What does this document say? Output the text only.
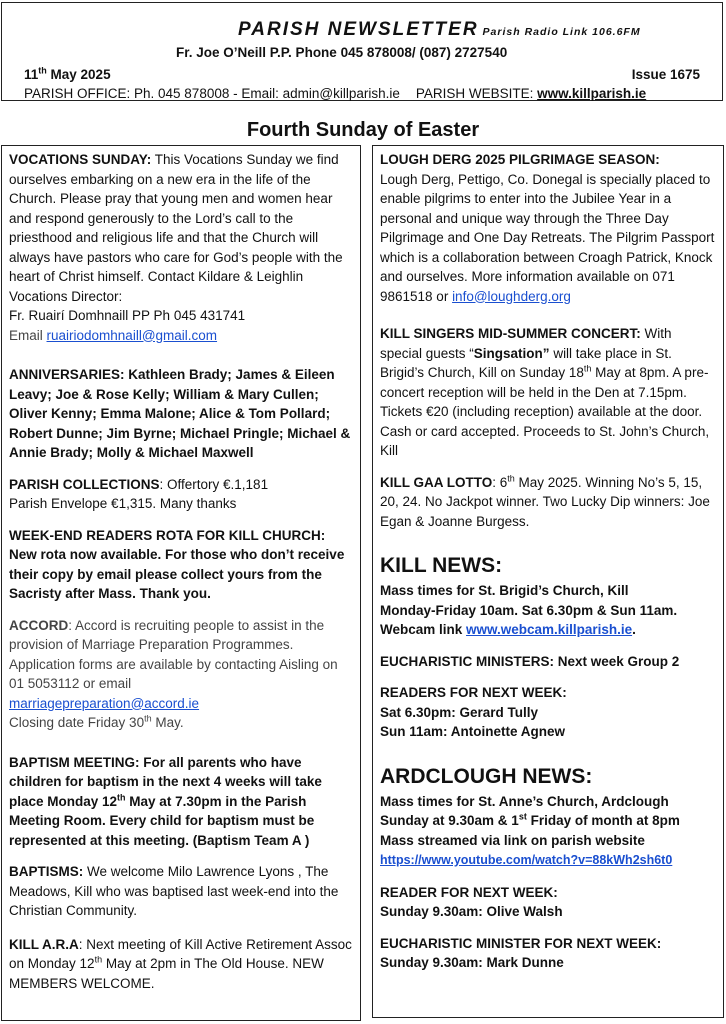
PARISH NEWSLETTER Parish Radio Link 106.6FM
Fr. Joe O’Neill P.P. Phone 045 878008/ (087) 2727540
11th May 2025	Issue 1675
PARISH OFFICE: Ph. 045 878008 - Email: admin@killparish.ie PARISH WEBSITE: www.killparish.ie
Fourth Sunday of Easter
VOCATIONS SUNDAY: This Vocations Sunday we find ourselves embarking on a new era in the life of the Church. Please pray that young men and women hear and respond generously to the Lord’s call to the priesthood and religious life and that the Church will always have pastors who care for God’s people with the heart of Christ himself. Contact Kildare & Leighlin Vocations Director:
Fr. Ruairí Domhnaill PP Ph 045 431741
Email ruairiodomhnaill@gmail.com
ANNIVERSARIES: Kathleen Brady; James & Eileen Leavy; Joe & Rose Kelly; William & Mary Cullen; Oliver Kenny; Emma Malone; Alice & Tom Pollard; Robert Dunne; Jim Byrne; Michael Pringle; Michael & Annie Brady; Molly & Michael Maxwell
PARISH COLLECTIONS: Offertory €.1,181
Parish Envelope €1,315. Many thanks
WEEK-END READERS ROTA FOR KILL CHURCH:
New rota now available. For those who don’t receive their copy by email please collect yours from the Sacristy after Mass. Thank you.
ACCORD: Accord is recruiting people to assist in the provision of Marriage Preparation Programmes. Application forms are available by contacting Aisling on 01 5053112 or email
marriagepreparation@accord.ie
Closing date Friday 30th May.
BAPTISM MEETING: For all parents who have children for baptism in the next 4 weeks will take place Monday 12th May at 7.30pm in the Parish Meeting Room. Every child for baptism must be represented at this meeting. (Baptism Team A )
BAPTISMS: We welcome Milo Lawrence Lyons , The Meadows, Kill who was baptised last week-end into the Christian Community.
KILL A.R.A: Next meeting of Kill Active Retirement Assoc on Monday 12th May at 2pm in The Old House. NEW MEMBERS WELCOME.
LOUGH DERG 2025 PILGRIMAGE SEASON:
Lough Derg, Pettigo, Co. Donegal is specially placed to enable pilgrims to enter into the Jubilee Year in a personal and unique way through the Three Day Pilgrimage and One Day Retreats. The Pilgrim Passport which is a collaboration between Croagh Patrick, Knock and ourselves. More information available on 071 9861518 or info@loughderg.org
KILL SINGERS MID-SUMMER CONCERT: With special guests “Singsation” will take place in St. Brigid’s Church, Kill on Sunday 18th May at 8pm. A pre-concert reception will be held in the Den at 7.15pm. Tickets €20 (including reception) available at the door. Cash or card accepted. Proceeds to St. John’s Church, Kill
KILL GAA LOTTO: 6th May 2025. Winning No’s 5, 15, 20, 24. No Jackpot winner. Two Lucky Dip winners: Joe Egan & Joanne Burgess.
KILL NEWS:
Mass times for St. Brigid’s Church, Kill
Monday-Friday 10am. Sat 6.30pm & Sun 11am.
Webcam link www.webcam.killparish.ie.
EUCHARISTIC MINISTERS: Next week Group 2
READERS FOR NEXT WEEK:
Sat 6.30pm: Gerard Tully
Sun 11am: Antoinette Agnew
ARDCLOUGH NEWS:
Mass times for St. Anne’s Church, Ardclough
Sunday at 9.30am & 1st Friday of month at 8pm
Mass streamed via link on parish website
https://www.youtube.com/watch?v=88kWh2sh6t0
READER FOR NEXT WEEK:
Sunday 9.30am: Olive Walsh
EUCHARISTIC MINISTER FOR NEXT WEEK:
Sunday 9.30am: Mark Dunne
